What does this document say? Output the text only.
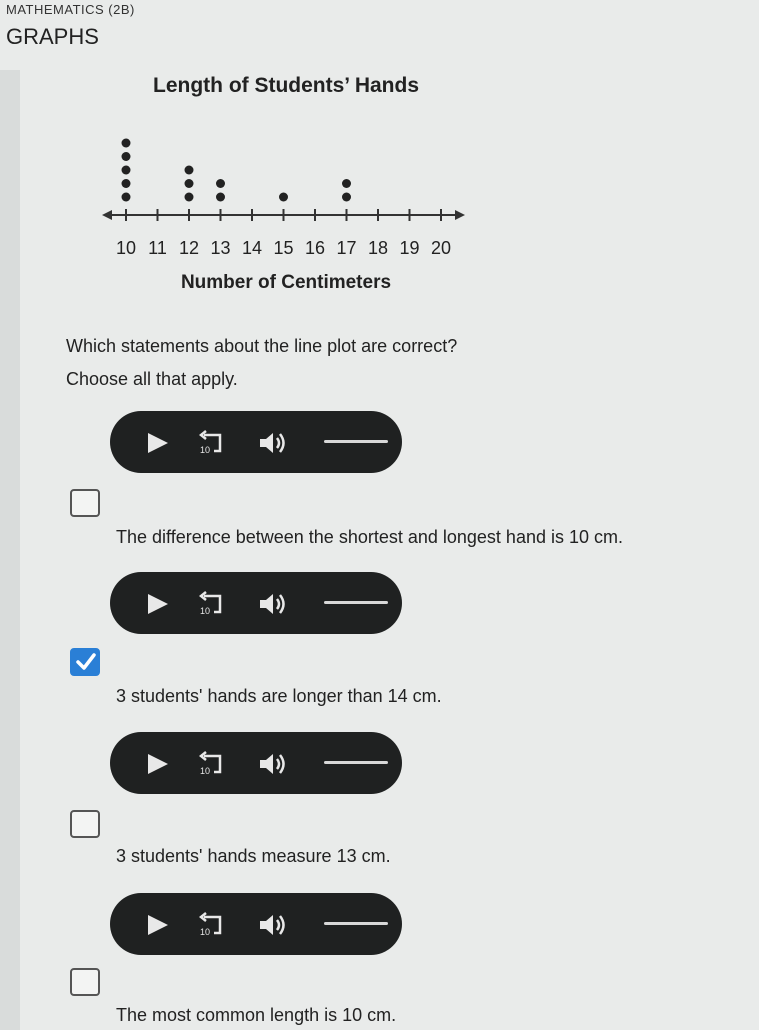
MATHEMATICS (2B)
GRAPHS
Length of Students’ Hands
10 11 12 13 14 15 16 17 18 19 20
Number of Centimeters
Which statements about the line plot are correct?
Choose all that apply.
10
The difference between the shortest and longest hand is 10 cm.
10
3 students' hands are longer than 14 cm.
10
3 students' hands measure 13 cm.
10
The most common length is 10 cm.
